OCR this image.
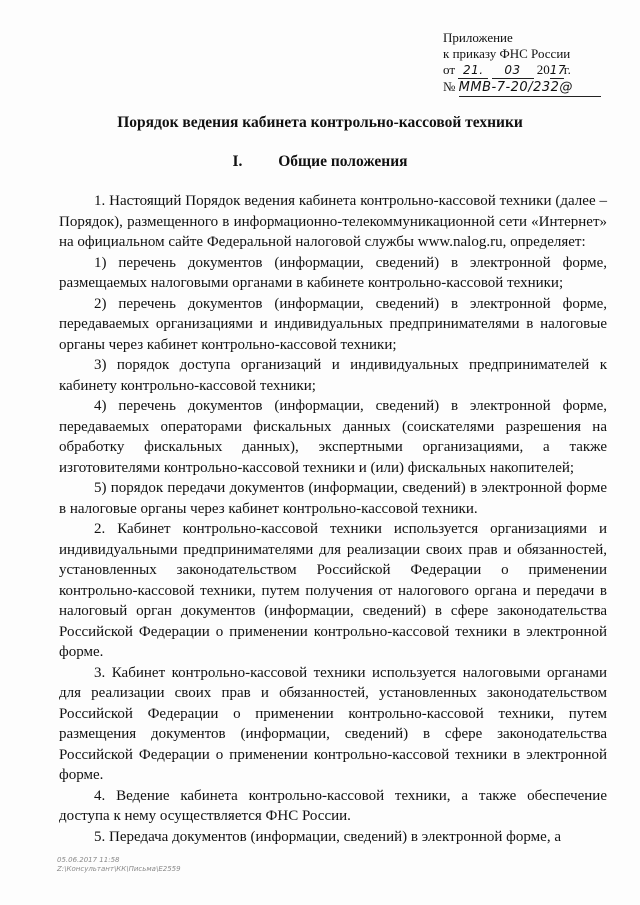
Приложение
к приказу ФНС России
от 21. 03 2017г.
№ ММВ-7-20/232@
Порядок ведения кабинета контрольно-кассовой техники
I. Общие положения

1. Настоящий Порядок ведения кабинета контрольно-кассовой техники (далее – Порядок), размещенного в информационно-телекоммуникационной сети «Интернет» на официальном сайте Федеральной налоговой службы www.nalog.ru, определяет:

1) перечень документов (информации, сведений) в электронной форме, размещаемых налоговыми органами в кабинете контрольно-кассовой техники;

2) перечень документов (информации, сведений) в электронной форме, передаваемых организациями и индивидуальных предпринимателями в налоговые органы через кабинет контрольно-кассовой техники;

3) порядок доступа организаций и индивидуальных предпринимателей к кабинету контрольно-кассовой техники;

4) перечень документов (информации, сведений) в электронной форме, передаваемых операторами фискальных данных (соискателями разрешения на обработку фискальных данных), экспертными организациями, а также изготовителями контрольно-кассовой техники и (или) фискальных накопителей;

5) порядок передачи документов (информации, сведений) в электронной форме в налоговые органы через кабинет контрольно-кассовой техники.

2. Кабинет контрольно-кассовой техники используется организациями и индивидуальными предпринимателями для реализации своих прав и обязанностей, установленных законодательством Российской Федерации о применении контрольно-кассовой техники, путем получения от налогового органа и передачи в налоговый орган документов (информации, сведений) в сфере законодательства Российской Федерации о применении контрольно-кассовой техники в электронной форме.

3. Кабинет контрольно-кассовой техники используется налоговыми органами для реализации своих прав и обязанностей, установленных законодательством Российской Федерации о применении контрольно-кассовой техники, путем размещения документов (информации, сведений) в сфере законодательства Российской Федерации о применении контрольно-кассовой техники в электронной форме.

4. Ведение кабинета контрольно-кассовой техники, а также обеспечение доступа к нему осуществляется ФНС России.

5. Передача документов (информации, сведений) в электронной форме, а

05.06.2017 11:58
Z:\Консультант\КК\Письма\Е2559
